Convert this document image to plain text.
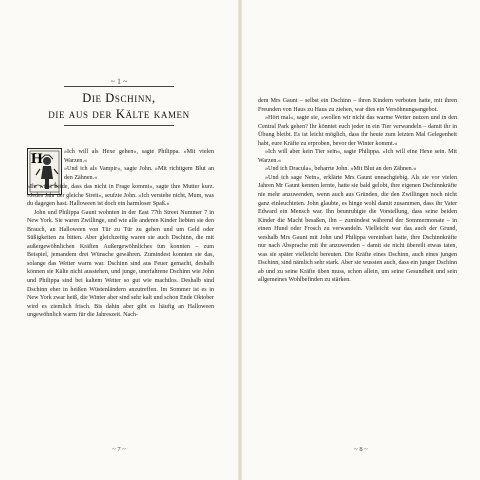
~ 1 ~
Die Dschinn,
die aus der Kälte kamen
H	»Ich will als Hexe gehen«, sagte Philippa. »Mit vielen Warzen.«

»Und ich als Vampir«, sagte John. »Mit richtigem Blut an den Zähnen.«

»Ihr wisst beide, dass das nicht in Frage kommt«, sagte ihre Mutter kurz. »Jedes Jahr der gleiche Streit«, seufzte John. »Ich verstehe nicht, Mum, was du dagegen hast. Halloween ist doch ein harmloser Spaß.«

John und Philippa Gaunt wohnten in der East 77th Street Nummer 7 in New York. Sie waren Zwillinge, und wie alle anderen Kinder liebten sie den Brauch, an Halloween von Tür zu Tür zu gehen und um Geld oder Süßigkeiten zu bitten. Aber gleichzeitig waren sie auch Dschinn, die mit außergewöhnlichen Kräften Außergewöhnliches tun konnten – zum Beispiel, jemandem drei Wünsche gewähren. Zumindest konnten sie das, solange das Wetter warm war. Dschinn sind aus Feuer gemacht, deshalb können sie Kälte nicht ausstehen, und junge, unerfahrene Dschinn wie John und Philippa sind bei kaltem Wetter so gut wie machtlos. Deshalb sind Dschinn eher in heißen Wüstenländern anzutreffen. Im Sommer ist es in New York zwar heiß, die Winter aber sind sehr kalt und schon Ende Oktober wird es ziemlich frisch. Bis dahin aber gibt es häufig an Halloween ungewöhnlich warm für die Jahreszeit. Nach-

~ 7 ~

dem Mrs Gaunt – selbst ein Dschinn – ihren Kindern verboten hatte, mit ihren Freunden von Haus zu Haus zu ziehen, war dies ein Versöhnungsangebot.

»Hört mal«, sagte sie, »wollen wir nicht das warme Wetter nutzen und in den Central Park gehen? Ihr könntet euch jeder in ein Tier verwandeln – damit ihr in Übung bleibt. Es ist leicht möglich, dass ihr heute zum letzten Mal Gelegenheit habt, eure Kräfte zu erproben, bevor der Winter kommt.«

»Ich will aber kein Tier sein«, sagte Philippa. »Ich will eine Hexe sein. Mit Warzen.«

»Und ich Dracula«, beharrte John. »Mit Blut an den Zähnen.«

»Und ich sage Nein«, erklärte Mrs Gaunt unnachgiebig. Als sie vor vielen Jahren Mr Gaunt kennen lernte, hatte sie bald gelobt, ihre eigenen Dschinnkräfte nie mehr anzuwenden, wenn auch aus Gründen, die den Zwillingen noch nicht ganz einleuchteten. John glaubte, es hinge wohl damit zusammen, dass ihr Vater Edward ein Mensch war. Ihn beunruhigte die Vorstellung, dass seine beiden Kinder die Macht besaßen, ihn – zumindest während der Sommermonate – in einen Hund oder Frosch zu verwandeln. Vielleicht war das auch der Grund, weshalb Mrs Gaunt mit John und Philippa vereinbart hatte, ihre Dschinnkräfte nur nach Absprache mit ihr anzuwenden – damit sie nicht übereilt etwas taten, was sie später vielleicht bereuten. Die Kräfte eines Dschinn, auch eines jungen Dschinn, sind nämlich sehr stark. Aber sie wussten auch, dass ein junger Dschinn ab und zu seine Kräfte üben muss, schon allein, um seine Gesundheit und sein allgemeines Wohlbefinden zu stärken.

~ 8 ~
